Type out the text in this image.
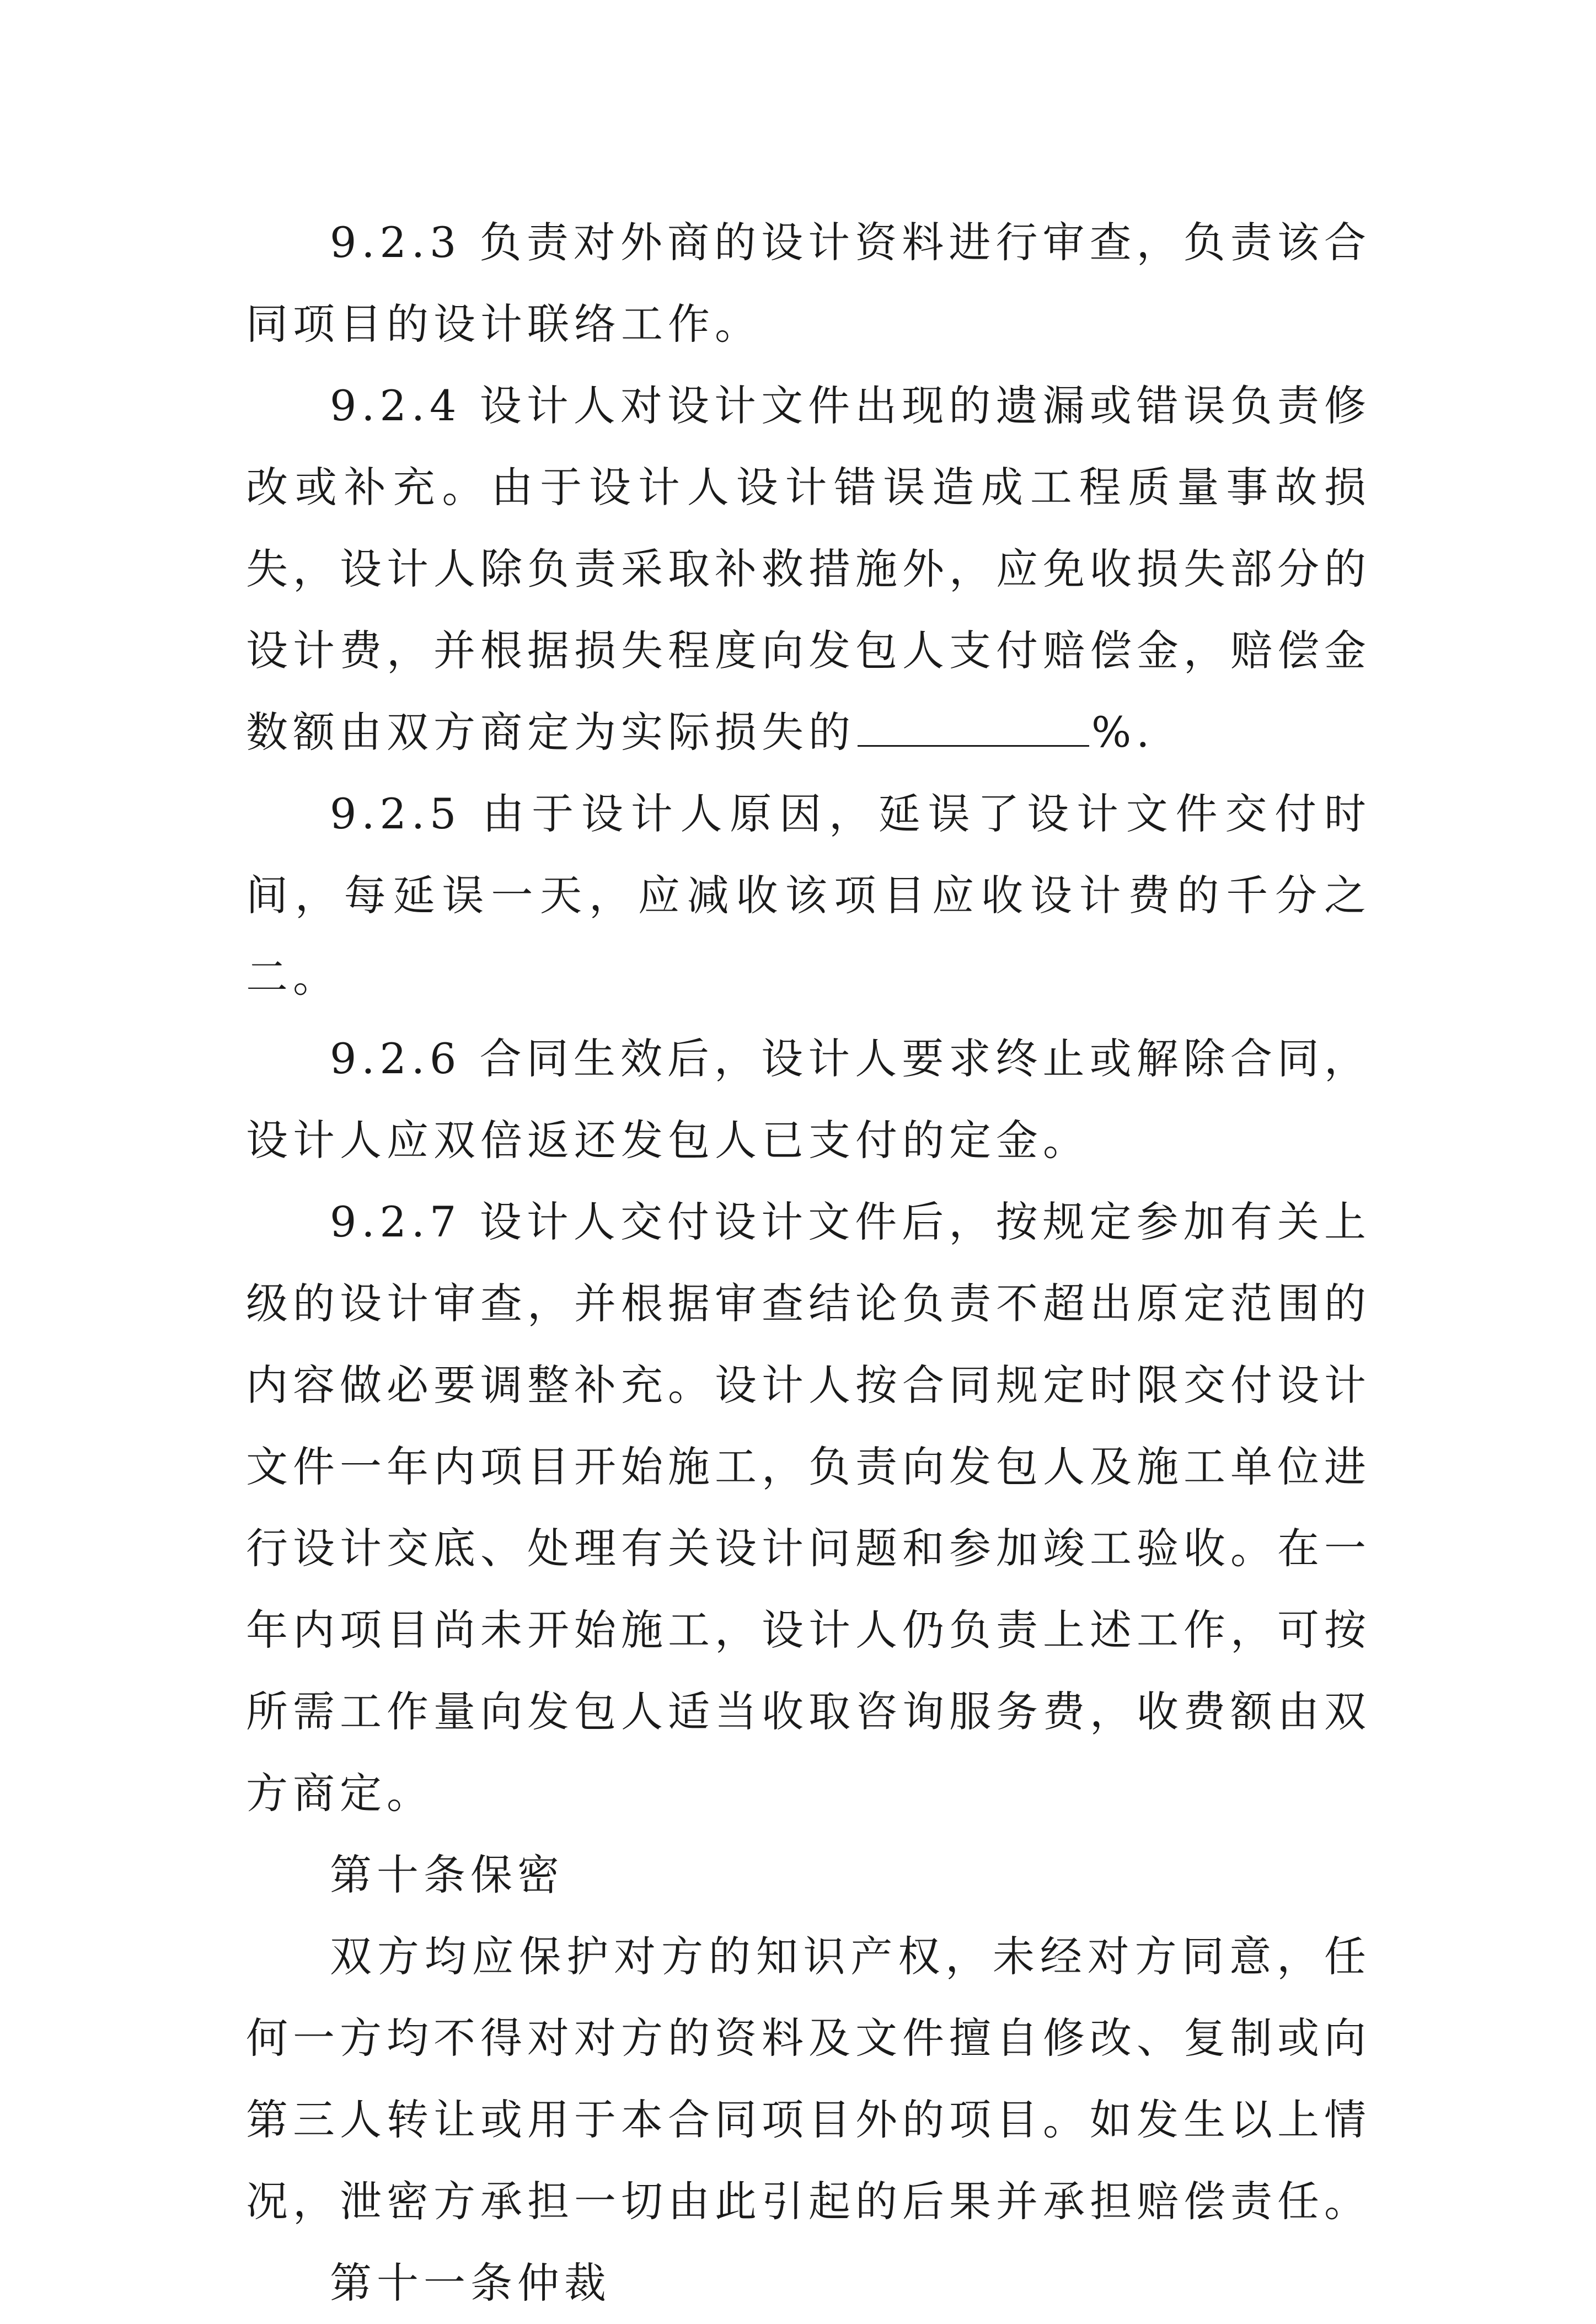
9.2.3 负责对外商的设计资料进行审查，负责该合同项目的设计联络工作。

9.2.4 设计人对设计文件出现的遗漏或错误负责修改或补充。由于设计人设计错误造成工程质量事故损失，设计人除负责采取补救措施外，应免收损失部分的设计费，并根据损失程度向发包人支付赔偿金，赔偿金数额由双方商定为实际损失的	%.

9.2.5 由于设计人原因，延误了设计文件交付时间，每延误一天，应减收该项目应收设计费的千分之二。

9.2.6 合同生效后，设计人要求终止或解除合同，设计人应双倍返还发包人已支付的定金。

9.2.7 设计人交付设计文件后，按规定参加有关上级的设计审查，并根据审查结论负责不超出原定范围的内容做必要调整补充。设计人按合同规定时限交付设计文件一年内项目开始施工，负责向发包人及施工单位进行设计交底、处理有关设计问题和参加竣工验收。在一年内项目尚未开始施工，设计人仍负责上述工作，可按所需工作量向发包人适当收取咨询服务费，收费额由双方商定。

第十条保密

双方均应保护对方的知识产权，未经对方同意，任何一方均不得对对方的资料及文件擅自修改、复制或向第三人转让或用于本合同项目外的项目。如发生以上情况，泄密方承担一切由此引起的后果并承担赔偿责任。

第十一条仲裁
